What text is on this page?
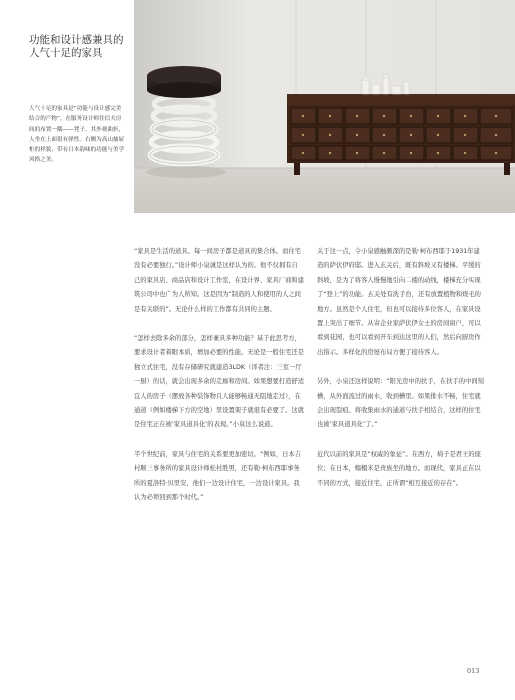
功能和设计感兼具的人气十足的家具

人气十足的家具是“功能与设计感完美结合的产物”。在服务设计师住信夫房间的布置一隅——凳子、其外观曲折，人坐在上面很有弹性。右侧为高山抽屉柜的样貌，带有日本韵味的功能与美学风格之美。

“家具是生活的道具。每一间房子都是道具的集合体。而住宅没有必要独行。”设计师小泉诚是这样认为的。他不仅拥有自己的家具店、商品店和设计工作室，在设计界、家具厂商和建筑公司中也广为人所知。这是因为“制造的人和使用的人之间是有关联的”。无论什么样的工作都有共同的主题。

“怎样去除多余的部分，怎样兼具多种功能？基于此思考方，要求设计者着眼本质，增加必要的性能。无论是一般住宅还是独立式住宅，没有存储研究就建造3LDK（译者注：三室一厅一厨）的话，就会出现多余的走廊和房间。如果想要打造舒适宜人的房子（摆放各种装饰物且人能够畅通无阻地走过），在通道（例如楼梯下方的空地）里设置架子就很有必要了。这就是住宅正在被‘家具道具化’的表现。”小泉这么说道。

半个世纪前，家具与住宅的关系要更加密切。“例如，日本吉村顺三事务所的家具设计师松村胜男，还有勒·柯布西耶事务所的夏洛特·贝里安，他们一边设计住宅，一边设计家具。我认为必须回到那个时代。”

关于这一点，令小泉感触颇深的是勒·柯布西耶于1931年建造的萨伏伊府邸。进入玄关后，既有斜坡又有楼梯。平缓的斜坡，是为了将客人慢慢地引向二楼的动线，楼梯充分实现了“登上”的功能。玄关处有洗手台，还有放置植物和烧毛的地方。虽然是个人住宅，但也可以接待多位客人，在家具设置上突出了细节。从寄企业家萨伏伊女士的房间窗户，可以看到花园，也可以看到开车到达这里的人们，然后向厨房作出指示。多样化的房屋布局方便了接待客人。

另外，小泉还这样说明：“阳光房中的扶手，在扶手的中间刻槽，从外面流过的雨水，收到槽里。如果排水不畅，住宅就会出现裂痕。将收集雨水的通道与扶手相结合，这样的住宅也被‘家具道具化’了。”

近代以前的家具是“权威的象征”。在西方，椅子是君王的座位；在日本，榻榻米是贵族坐的地方。而现代，家具正在以不同的方式，接近住宅，正所谓“相互接近的存在”。

013
